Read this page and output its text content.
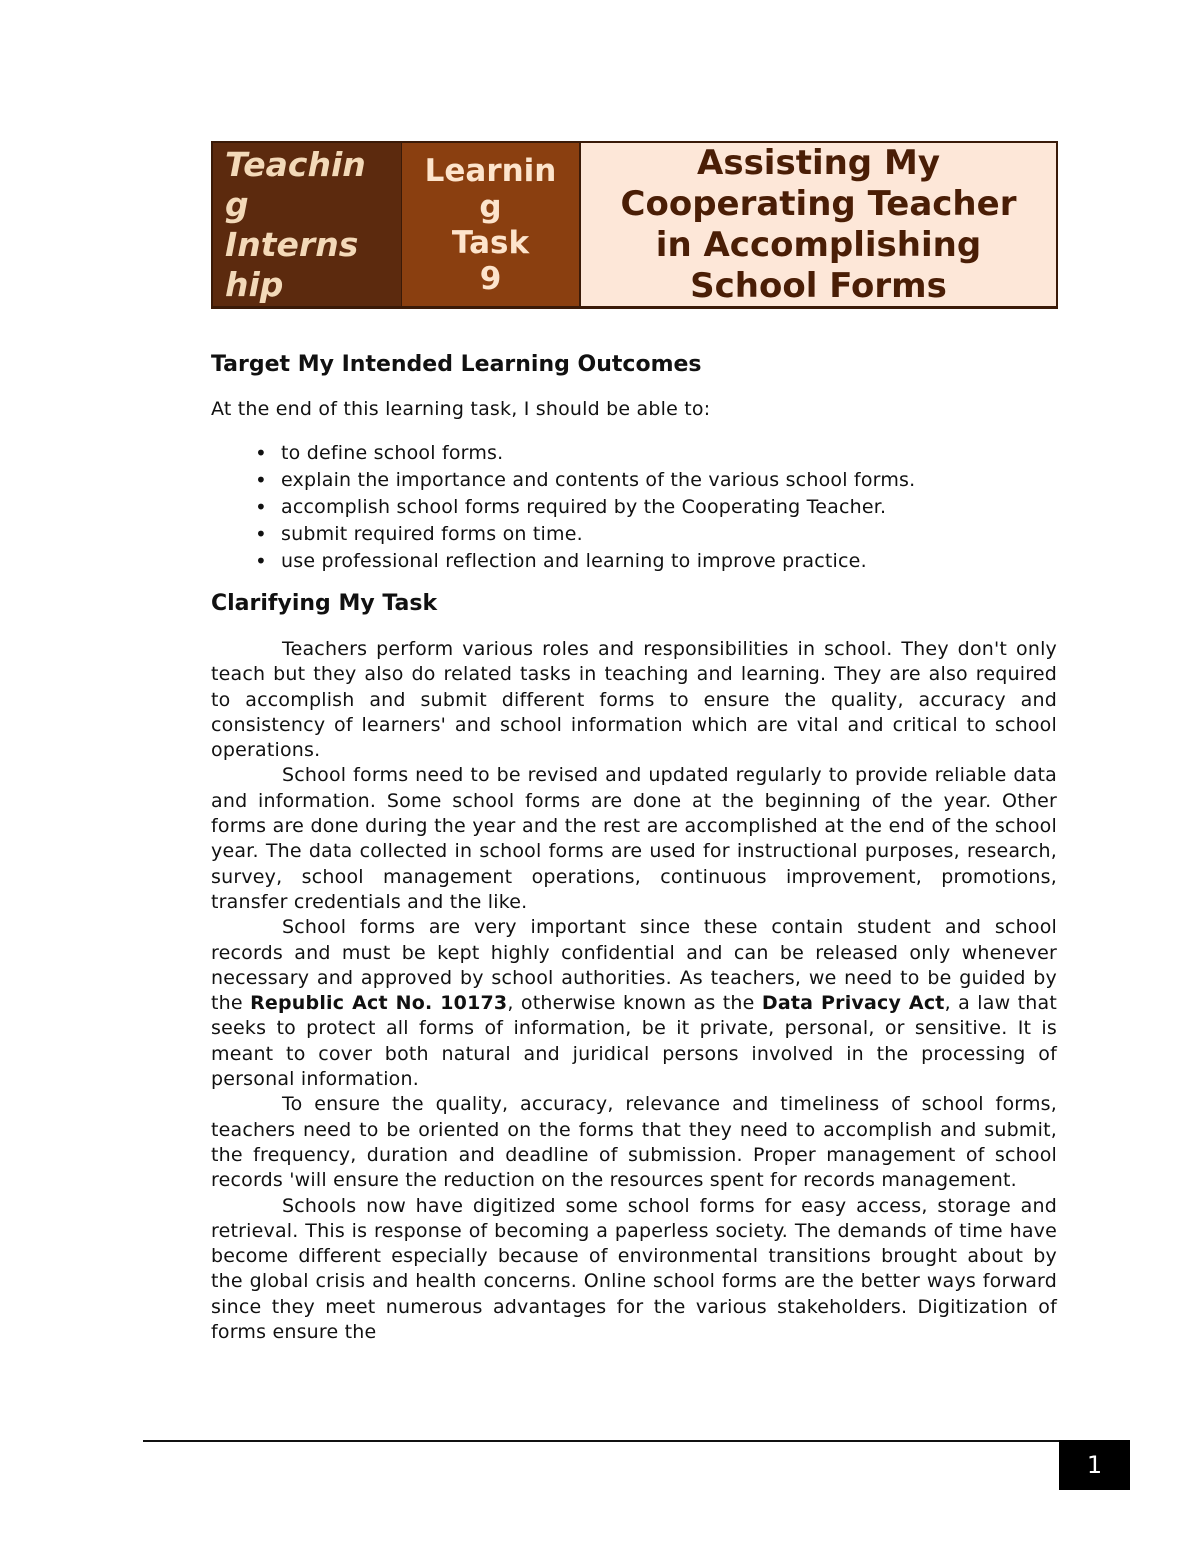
Teachin
g
Interns
hip
Learnin
g
Task
9
Assisting My
Cooperating Teacher
in Accomplishing
School Forms
Target My Intended Learning Outcomes
At the end of this learning task, I should be able to:
• to define school forms.
• explain the importance and contents of the various school forms.
• accomplish school forms required by the Cooperating Teacher.
• submit required forms on time.
• use professional reflection and learning to improve practice.
Clarifying My Task

Teachers perform various roles and responsibilities in school. They don't only teach but they also do related tasks in teaching and learning. They are also required to accomplish and submit different forms to ensure the quality, accuracy and consistency of learners' and school information which are vital and critical to school operations.

School forms need to be revised and updated regularly to provide reliable data and information. Some school forms are done at the beginning of the year. Other forms are done during the year and the rest are accomplished at the end of the school year. The data collected in school forms are used for instructional purposes, research, survey, school management operations, continuous improvement, promotions, transfer credentials and the like.

School forms are very important since these contain student and school records and must be kept highly confidential and can be released only whenever necessary and approved by school authorities. As teachers, we need to be guided by the Republic Act No. 10173, otherwise known as the Data Privacy Act, a law that seeks to protect all forms of information, be it private, personal, or sensitive. It is meant to cover both natural and juridical persons involved in the processing of personal information.

To ensure the quality, accuracy, relevance and timeliness of school forms, teachers need to be oriented on the forms that they need to accomplish and submit, the frequency, duration and deadline of submission. Proper management of school records 'will ensure the reduction on the resources spent for records management.

Schools now have digitized some school forms for easy access, storage and retrieval. This is response of becoming a paperless society. The demands of time have become different especially because of environmental transitions brought about by the global crisis and health concerns. Online school forms are the better ways forward since they meet numerous advantages for the various stakeholders. Digitization of forms ensure the

1
